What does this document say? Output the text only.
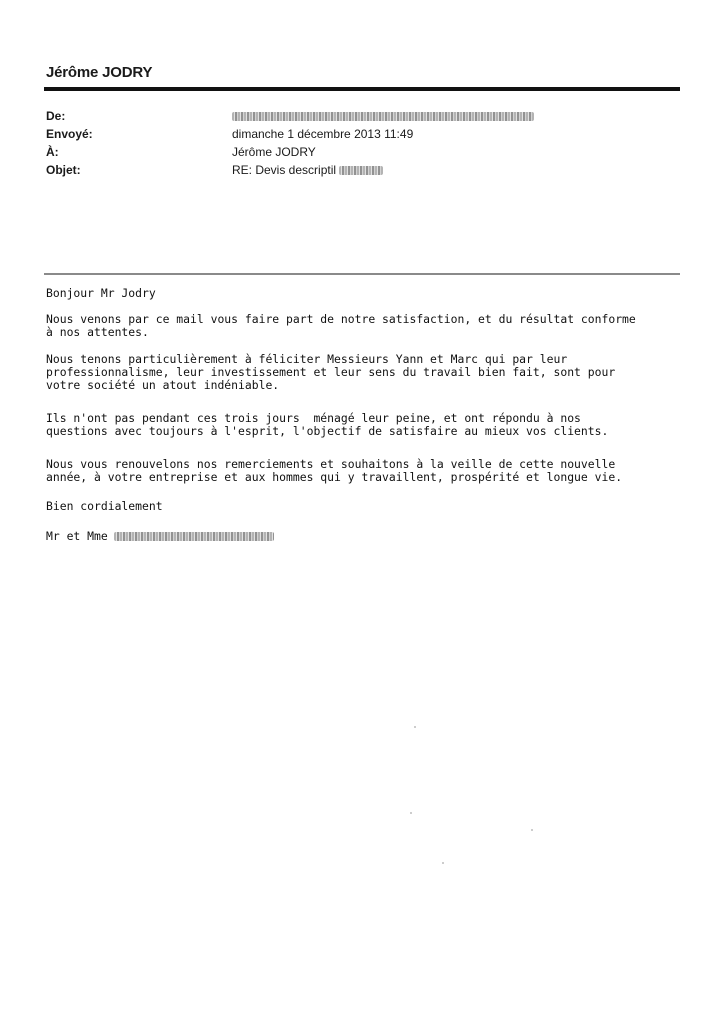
Jérôme JODRY
De:
Envoyé:	dimanche 1 décembre 2013 11:49
À:	Jérôme JODRY
Objet:	RE: Devis descriptil
Bonjour Mr Jodry
Nous venons par ce mail vous faire part de notre satisfaction, et du résultat conforme
à nos attentes.
Nous tenons particulièrement à féliciter Messieurs Yann et Marc qui par leur
professionnalisme, leur investissement et leur sens du travail bien fait, sont pour
votre société un atout indéniable.
Ils n'ont pas pendant ces trois jours  ménagé leur peine, et ont répondu à nos
questions avec toujours à l'esprit, l'objectif de satisfaire au mieux vos clients.
Nous vous renouvelons nos remerciements et souhaitons à la veille de cette nouvelle
année, à votre entreprise et aux hommes qui y travaillent, prospérité et longue vie.
Bien cordialement
Mr et Mme
